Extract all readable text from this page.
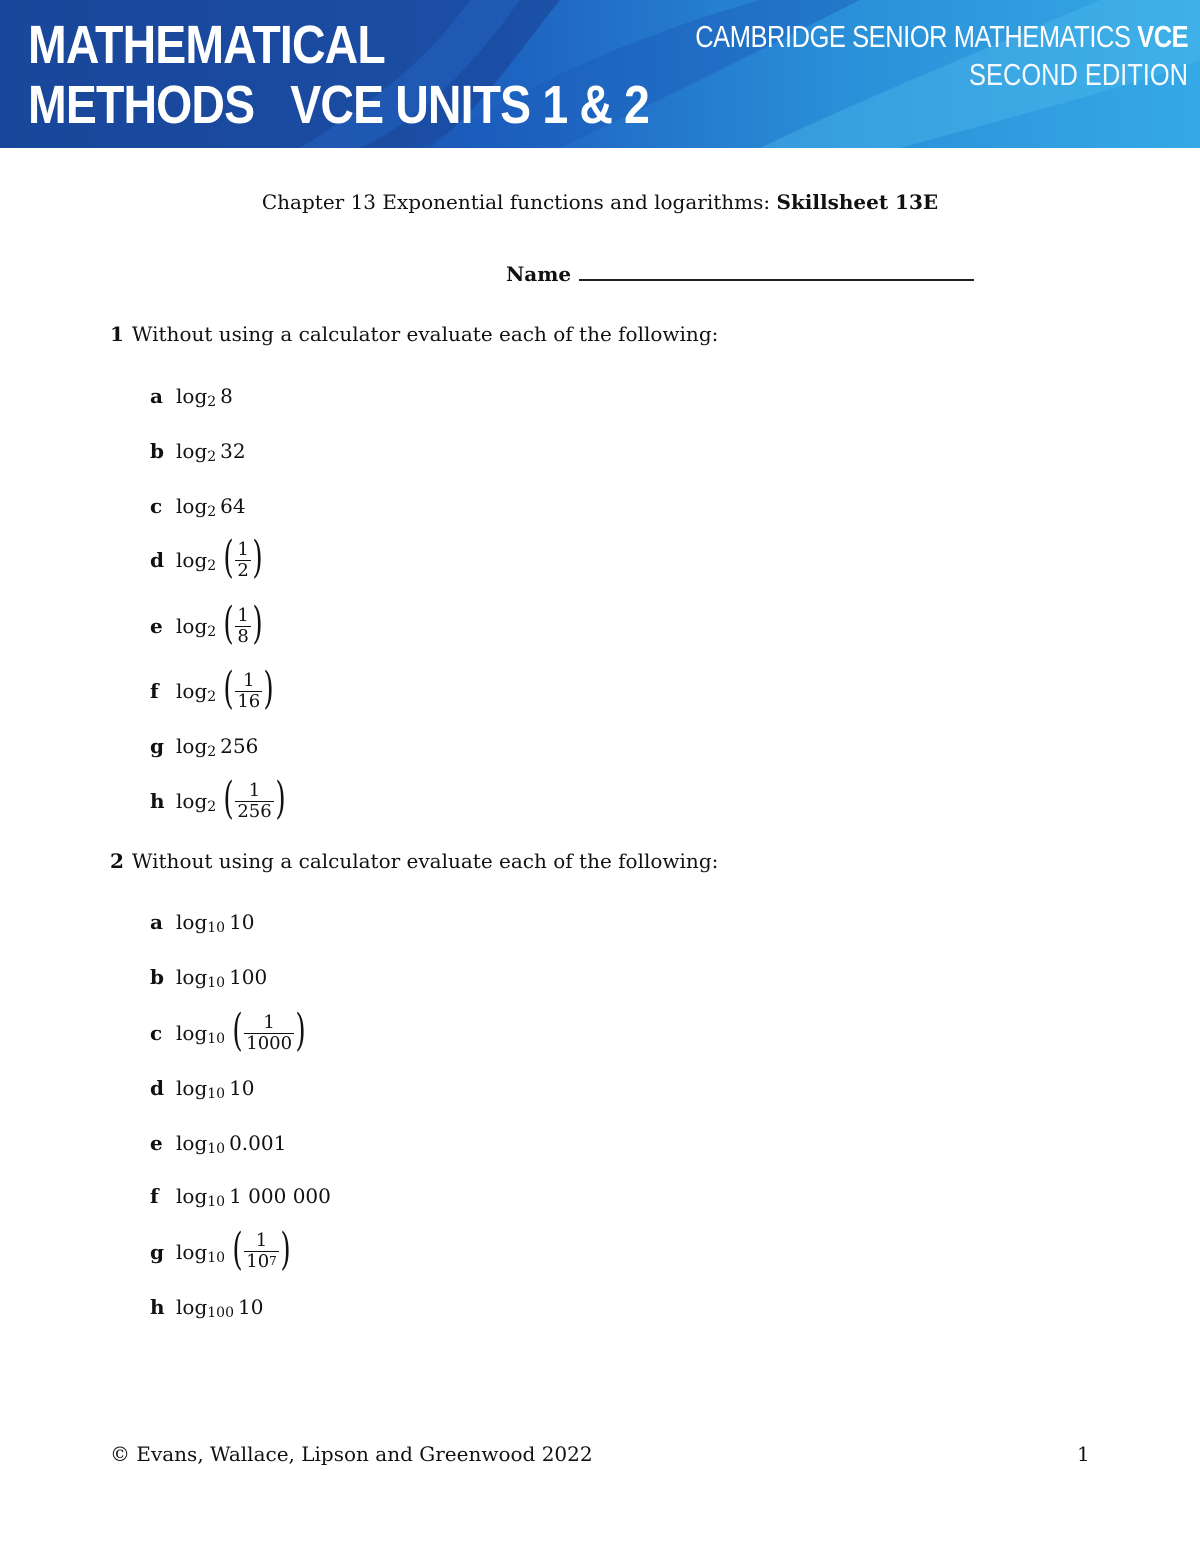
MATHEMATICAL
METHODS   VCE UNITS 1 & 2
CAMBRIDGE SENIOR MATHEMATICS VCE
SECOND EDITION
Chapter 13 Exponential functions and logarithms: Skillsheet 13E
Name
1 Without using a calculator evaluate each of the following:
a $\log_2 8$
b $\log_2 32$
c $\log_2 64$
d $\log_2$ ( $\frac{1}{2}$ )
e $\log_2$ ( $\frac{1}{8}$ )
f $\log_2$ ( $\frac{1}{16}$ )
g $\log_2 256$
h $\log_2$ ( $\frac{1}{256}$ )
2 Without using a calculator evaluate each of the following:
a $\log_{10} 10$
b $\log_{10} 100$
c $\log_{10}$ ( $\frac{1}{1000}$ )
d $\log_{10} 10$
e $\log_{10} 0.001$
f $\log_{10} 1$ 000 000
g $\log_{10}$ ( $\frac{1}{10^7}$ )
h $\log_{100} 10$
© Evans, Wallace, Lipson and Greenwood 2022	1
